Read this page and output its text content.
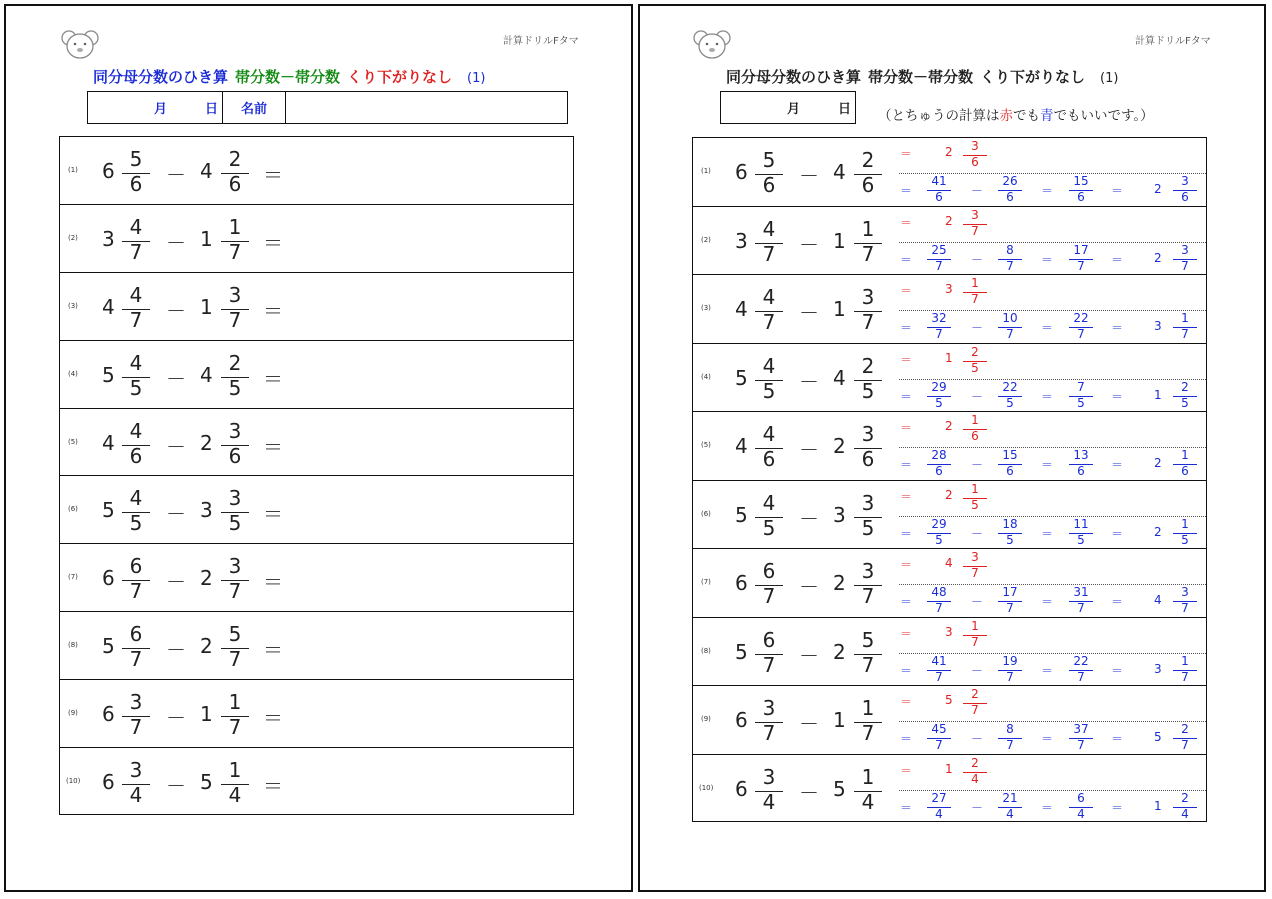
計算ドリルFタマ
同分母分数のひき算 帯分数－帯分数 くり下がりなし (1)
月	日	名前
(1) 6 5
6	－ 4 2
6	＝
(2) 3 4
7	－ 1 1
7	＝
(3) 4 4
7	－ 1 3
7	＝
(4) 5 4
5	－ 4 2
5	＝
(5) 4 4
6	－ 2 3
6	＝
(6) 5 4
5	－ 3 3
5	＝
(7) 6 6
7	－ 2 3
7	＝
(8) 5 6
7	－ 2 5
7	＝
(9) 6 3
7	－ 1 1
7	＝
(10) 6 3
4	－ 5 1
4	＝
計算ドリルFタマ
同分母分数のひき算 帯分数－帯分数 くり下がりなし (1)
月	日 （とちゅうの計算は赤でも青でもいいです。）
(1) 6 5
6	－ 4 2
6
＝	2	3
6
＝
41
6	－
26
6	＝
15
6	＝	2
3
6
(2) 3 4
7	－ 1 1
7
＝	2	3
7
＝
25
7	－
8
7	＝
17
7	＝	2
3
7
(3) 4 4
7	－ 1 3
7
＝	3	1
7
＝
32
7	－
10
7	＝
22
7	＝	3
1
7
(4) 5 4
5	－ 4 2
5
＝	1	2
5
＝
29
5	－
22
5	＝
7
5	＝	1
2
5
(5) 4 4
6	－ 2 3
6
＝	2	1
6
＝
28
6	－
15
6	＝
13
6	＝	2
1
6
(6) 5 4
5	－ 3 3
5
＝	2	1
5
＝
29
5	－
18
5	＝
11
5	＝	2
1
5
(7) 6 6
7	－ 2 3
7
＝	4	3
7
＝
48
7	－
17
7	＝
31
7	＝	4
3
7
(8) 5 6
7	－ 2 5
7
＝	3	1
7
＝
41
7	－
19
7	＝
22
7	＝	3
1
7
(9) 6 3
7	－ 1 1
7
＝	5	2
7
＝
45
7	－
8
7	＝
37
7	＝	5
2
7
(10) 6 3
4	－ 5 1
4
＝	1	2
4
＝
27
4	－
21
4	＝
6
4	＝	1
2
4
